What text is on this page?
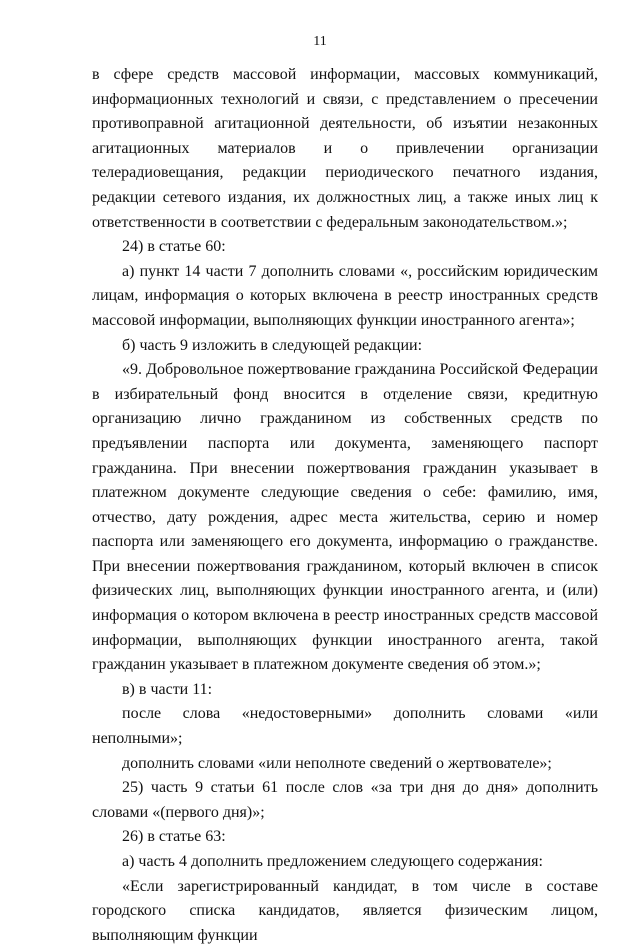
11

в сфере средств массовой информации, массовых коммуникаций, информационных технологий и связи, с представлением о пресечении противоправной агитационной деятельности, об изъятии незаконных агитационных материалов и о привлечении организации телерадиовещания, редакции периодического печатного издания, редакции сетевого издания, их должностных лиц, а также иных лиц к ответственности в соответствии с федеральным законодательством.»;

24) в статье 60:

а) пункт 14 части 7 дополнить словами «, российским юридическим лицам, информация о которых включена в реестр иностранных средств массовой информации, выполняющих функции иностранного агента»;

б) часть 9 изложить в следующей редакции:

«9. Добровольное пожертвование гражданина Российской Федерации в избирательный фонд вносится в отделение связи, кредитную организацию лично гражданином из собственных средств по предъявлении паспорта или документа, заменяющего паспорт гражданина. При внесении пожертвования гражданин указывает в платежном документе следующие сведения о себе: фамилию, имя, отчество, дату рождения, адрес места жительства, серию и номер паспорта или заменяющего его документа, информацию о гражданстве. При внесении пожертвования гражданином, который включен в список физических лиц, выполняющих функции иностранного агента, и (или) информация о котором включена в реестр иностранных средств массовой информации, выполняющих функции иностранного агента, такой гражданин указывает в платежном документе сведения об этом.»;

в) в части 11:

после слова «недостоверными» дополнить словами «или неполными»;

дополнить словами «или неполноте сведений о жертвователе»;

25) часть 9 статьи 61 после слов «за три дня до дня» дополнить словами «(первого дня)»;

26) в статье 63:

а) часть 4 дополнить предложением следующего содержания:

«Если зарегистрированный кандидат, в том числе в составе городского списка кандидатов, является физическим лицом, выполняющим функции
